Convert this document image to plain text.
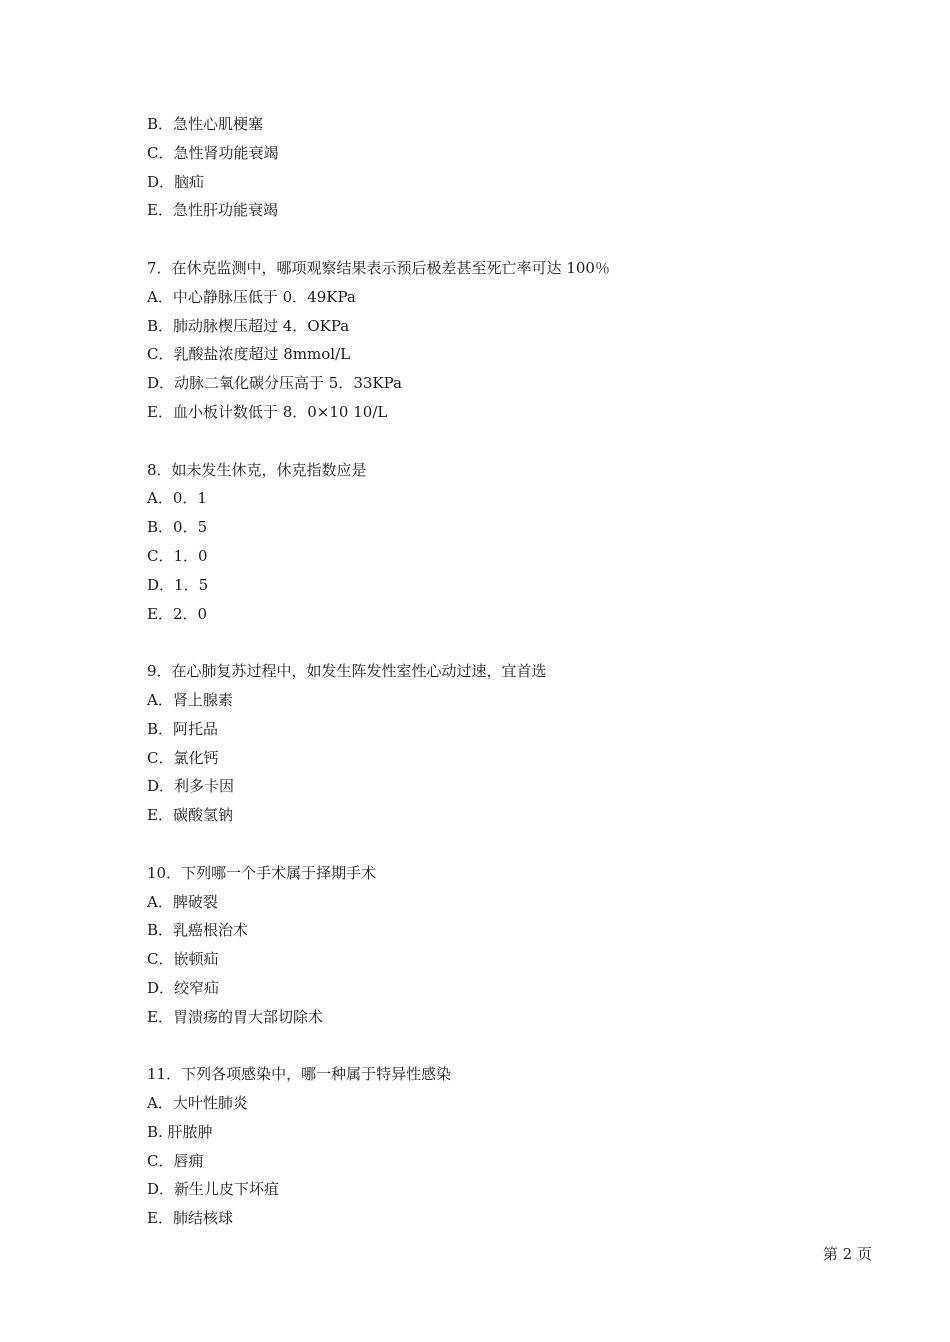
B．急性心肌梗塞
C．急性肾功能衰竭
D．脑疝
E．急性肝功能衰竭
7．在休克监测中，哪项观察结果表示预后极差甚至死亡率可达 100％
A．中心静脉压低于 0．49KPa
B．肺动脉楔压超过 4．OKPa
C．乳酸盐浓度超过 8mmol/L
D．动脉二氧化碳分压高于 5．33KPa
E．血小板计数低于 8．0×10 10/L
8．如未发生休克，休克指数应是
A．0．1
B．0．5
C．1．0
D．1．5
E．2．0
9．在心肺复苏过程中，如发生阵发性室性心动过速，宜首选
A．肾上腺素
B．阿托品
C．氯化钙
D．利多卡因
E．碳酸氢钠
10．下列哪一个手术属于择期手术
A．脾破裂
B．乳癌根治术
C．嵌顿疝
D．绞窄疝
E．胃溃疡的胃大部切除术
11．下列各项感染中，哪一种属于特异性感染
A．大叶性肺炎
B. 肝脓肿
C．唇痈
D．新生儿皮下坏疽
E．肺结核球
第 2 页
